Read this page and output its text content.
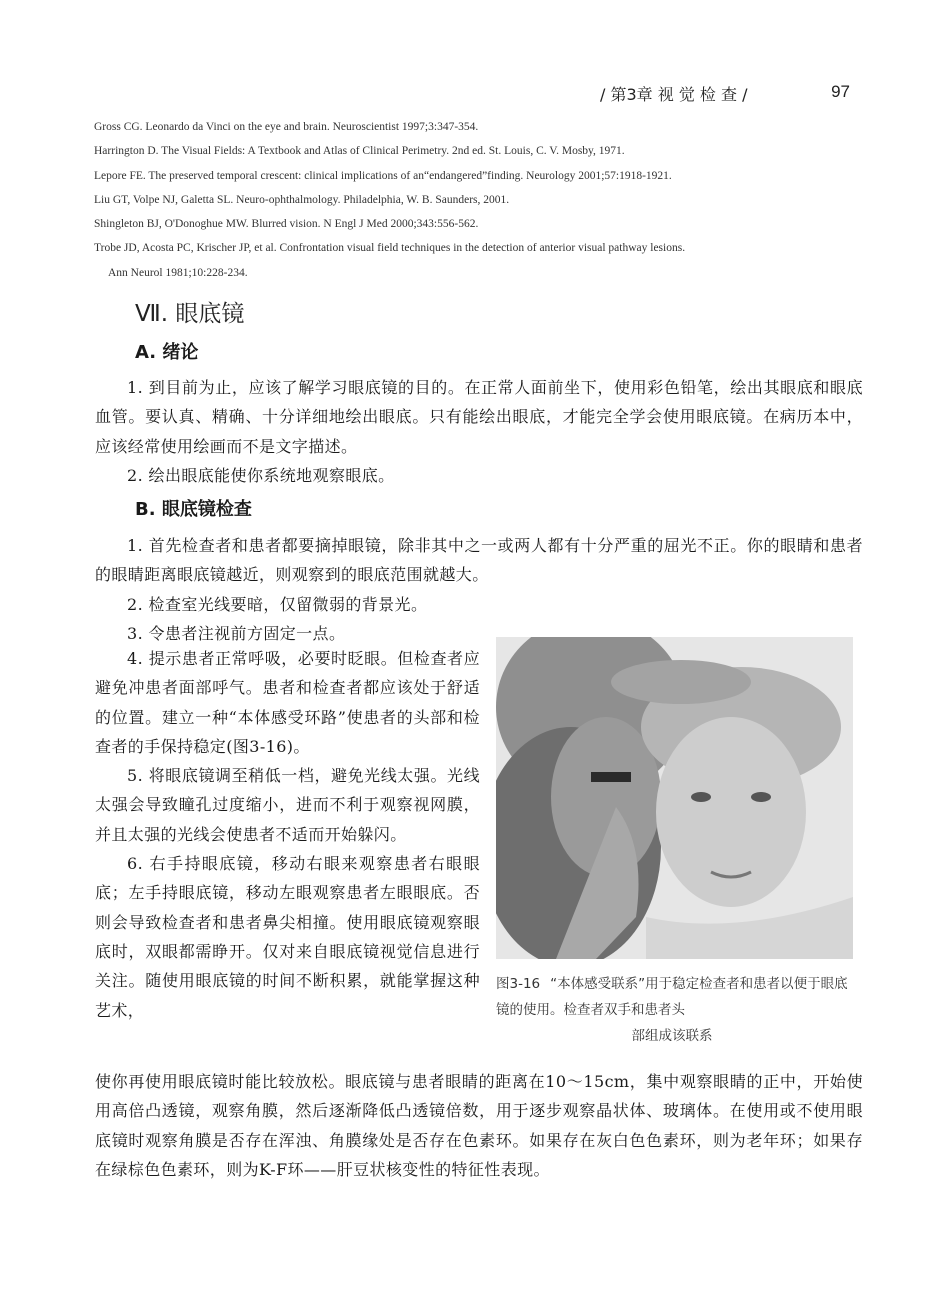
/ 第3章 视 觉 检 查 /	97

Gross CG. Leonardo da Vinci on the eye and brain. Neuroscientist 1997;3:347-354.

Harrington D. The Visual Fields: A Textbook and Atlas of Clinical Perimetry. 2nd ed. St. Louis, C. V. Mosby, 1971.

Lepore FE. The preserved temporal crescent: clinical implications of an“endangered”finding. Neurology 2001;57:1918-1921.

Liu GT, Volpe NJ, Galetta SL. Neuro-ophthalmology. Philadelphia, W. B. Saunders, 2001.

Shingleton BJ, O'Donoghue MW. Blurred vision. N Engl J Med 2000;343:556-562.

Trobe JD, Acosta PC, Krischer JP, et al. Confrontation visual field techniques in the detection of anterior visual pathway lesions.

Ann Neurol 1981;10:228-234.

Ⅶ. 眼底镜
A. 绪论

1. 到目前为止，应该了解学习眼底镜的目的。在正常人面前坐下，使用彩色铅笔，绘出其眼底和眼底血管。要认真、精确、十分详细地绘出眼底。只有能绘出眼底，才能完全学会使用眼底镜。在病历本中，应该经常使用绘画而不是文字描述。

2. 绘出眼底能使你系统地观察眼底。

B. 眼底镜检查

1. 首先检查者和患者都要摘掉眼镜，除非其中之一或两人都有十分严重的屈光不正。你的眼睛和患者的眼睛距离眼底镜越近，则观察到的眼底范围就越大。

2. 检查室光线要暗，仅留微弱的背景光。

3. 令患者注视前方固定一点。

4. 提示患者正常呼吸，必要时眨眼。但检查者应避免冲患者面部呼气。患者和检查者都应该处于舒适的位置。建立一种“本体感受环路”使患者的头部和检查者的手保持稳定(图3-16)。

5. 将眼底镜调至稍低一档，避免光线太强。光线太强会导致瞳孔过度缩小，进而不利于观察视网膜，并且太强的光线会使患者不适而开始躲闪。

6. 右手持眼底镜，移动右眼来观察患者右眼眼底；左手持眼底镜，移动左眼观察患者左眼眼底。否则会导致检查者和患者鼻尖相撞。使用眼底镜观察眼底时，双眼都需睁开。仅对来自眼底镜视觉信息进行关注。随使用眼底镜的时间不断积累，就能掌握这种艺术，

使你再使用眼底镜时能比较放松。眼底镜与患者眼睛的距离在10～15cm，集中观察眼睛的正中，开始使用高倍凸透镜，观察角膜，然后逐渐降低凸透镜倍数，用于逐步观察晶状体、玻璃体。在使用或不使用眼底镜时观察角膜是否存在浑浊、角膜缘处是否存在色素环。如果存在灰白色色素环，则为老年环；如果存在绿棕色色素环，则为K-F环——肝豆状核变性的特征性表现。

图3-16 “本体感受联系”用于稳定检查者和患者以便于眼底镜的使用。检查者双手和患者头
部组成该联系
